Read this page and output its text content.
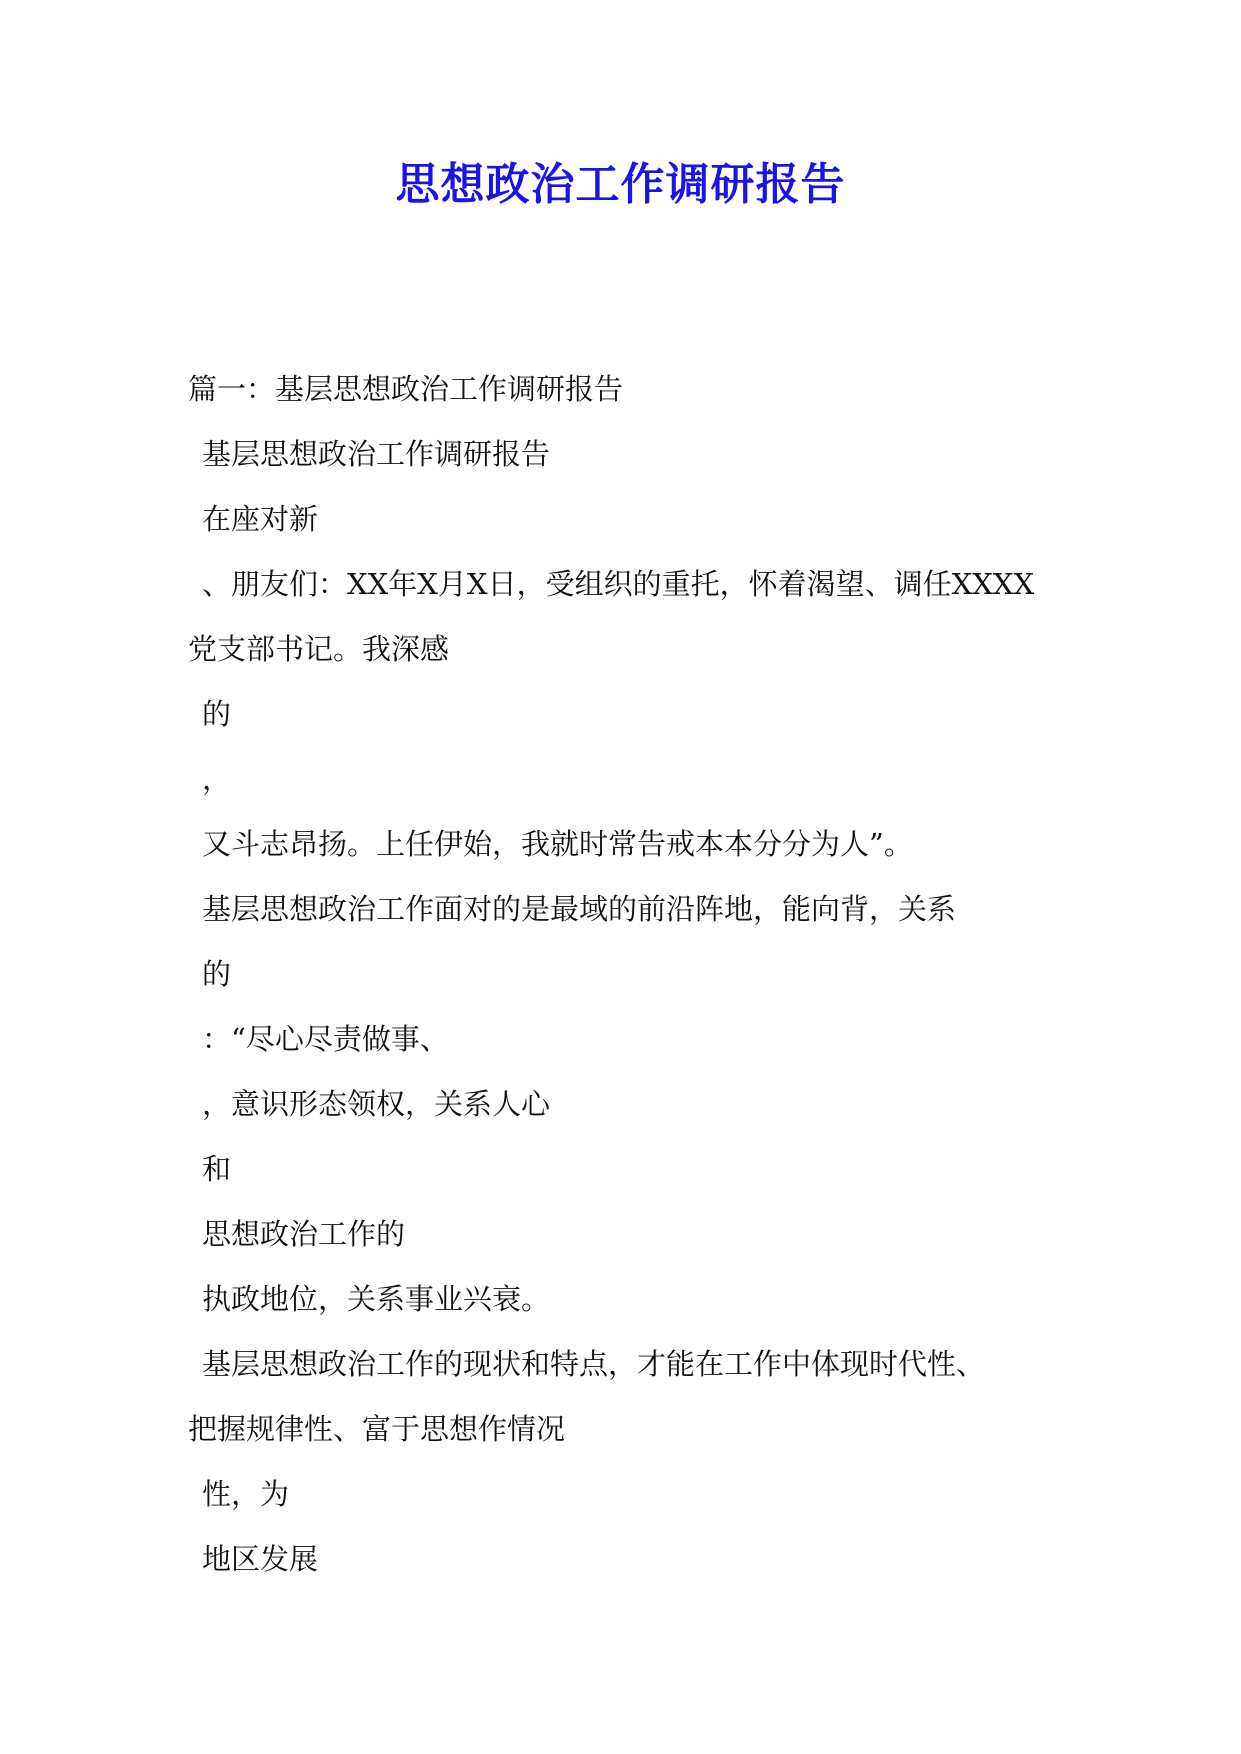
思想政治工作调研报告
篇一：基层思想政治工作调研报告
基层思想政治工作调研报告
在座对新
、朋友们：XX年X月X日，受组织的重托，怀着渴望、调任XXXX
党支部书记。我深感
的
，
又斗志昂扬。上任伊始，我就时常告戒本本分分为人”。
基层思想政治工作面对的是最域的前沿阵地，能向背，关系
的
：“尽心尽责做事、
，意识形态领权，关系人心
和
思想政治工作的
执政地位，关系事业兴衰。
基层思想政治工作的现状和特点，才能在工作中体现时代性、
把握规律性、富于思想作情况
性，为
地区发展
